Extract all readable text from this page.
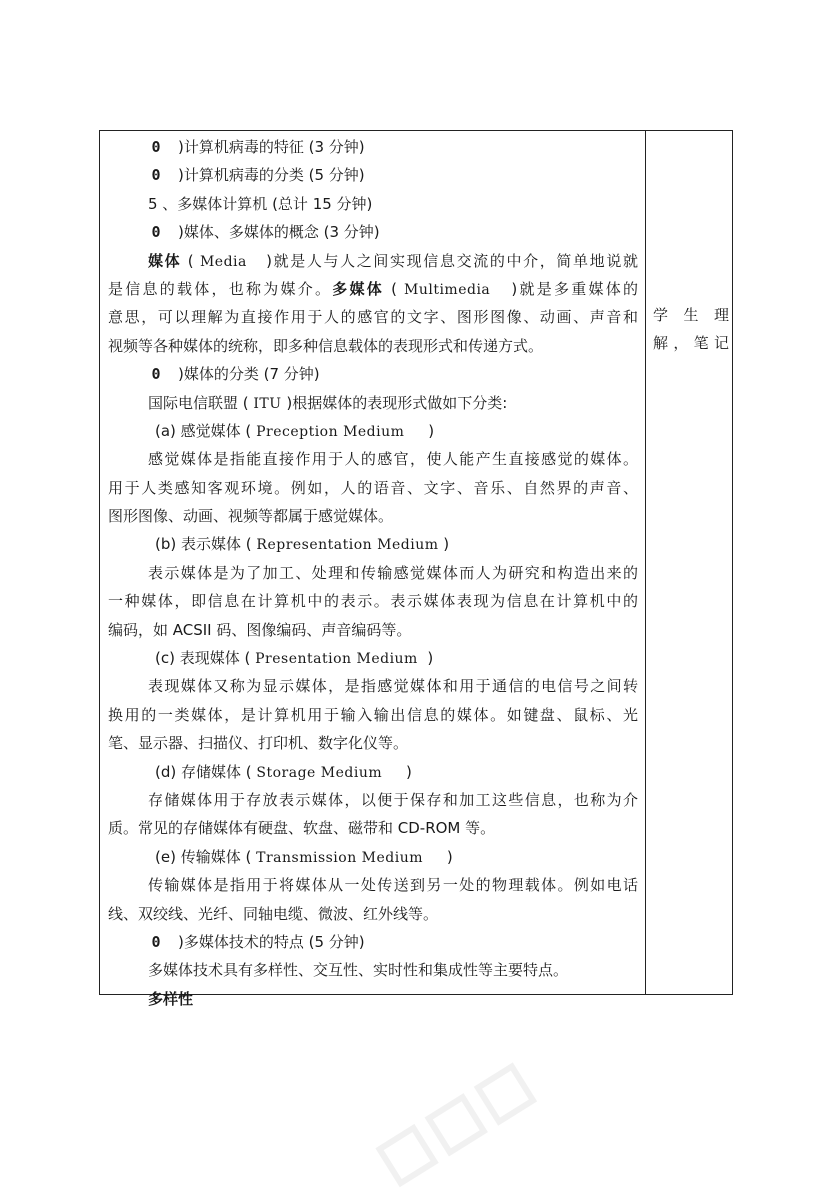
0 )计算机病毒的特征 (3 分钟)
0 )计算机病毒的分类 (5 分钟)
5 、多媒体计算机 (总计 15 分钟)
0 )媒体、多媒体的概念 (3 分钟)
媒体 ( Media )就是人与人之间实现信息交流的中介，简单地说就
是信息的载体，也称为媒介。多媒体 ( Multimedia )就是多重媒体的
意思，可以理解为直接作用于人的感官的文字、图形图像、动画、声音和
视频等各种媒体的统称，即多种信息载体的表现形式和传递方式。
0 )媒体的分类 (7 分钟)
国际电信联盟 ( ITU )根据媒体的表现形式做如下分类:
(a) 感觉媒体 ( Preception Medium )
感觉媒体是指能直接作用于人的感官，使人能产生直接感觉的媒体。
用于人类感知客观环境。例如，人的语音、文字、音乐、自然界的声音、
图形图像、动画、视频等都属于感觉媒体。
(b) 表示媒体 ( Representation Medium )
表示媒体是为了加工、处理和传输感觉媒体而人为研究和构造出来的
一种媒体，即信息在计算机中的表示。表示媒体表现为信息在计算机中的
编码，如 ACSII 码、图像编码、声音编码等。
(c) 表现媒体 ( Presentation Medium )
表现媒体又称为显示媒体，是指感觉媒体和用于通信的电信号之间转
换用的一类媒体，是计算机用于输入输出信息的媒体。如键盘、鼠标、光
笔、显示器、扫描仪、打印机、数字化仪等。
(d) 存储媒体 ( Storage Medium )
存储媒体用于存放表示媒体，以便于保存和加工这些信息，也称为介
质。常见的存储媒体有硬盘、软盘、磁带和 CD-ROM 等。
(e) 传输媒体 ( Transmission Medium )
传输媒体是指用于将媒体从一处传送到另一处的物理载体。例如电话
线、双绞线、光纤、同轴电缆、微波、红外线等。
0 )多媒体技术的特点 (5 分钟)
多媒体技术具有多样性、交互性、实时性和集成性等主要特点。
多样性
学 生 理
解，笔记
